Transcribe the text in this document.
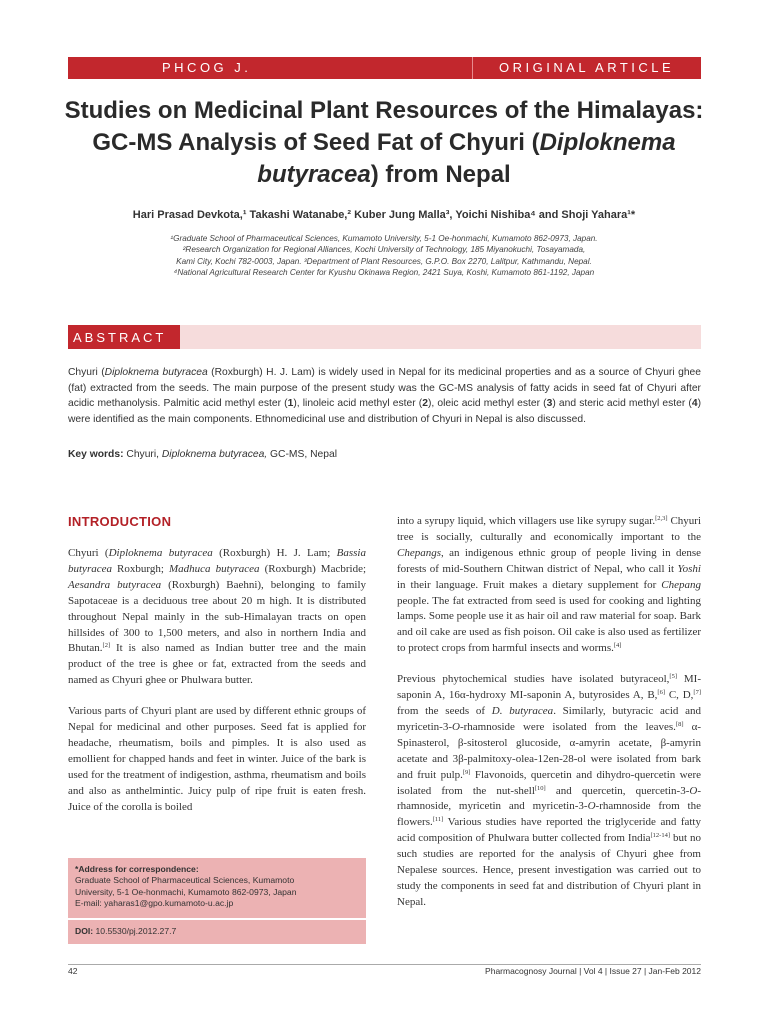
PHCOG J.	ORIGINAL ARTICLE
Studies on Medicinal Plant Resources of the Himalayas:
GC-MS Analysis of Seed Fat of Chyuri (Diploknema butyracea) from Nepal
Hari Prasad Devkota,¹ Takashi Watanabe,² Kuber Jung Malla³, Yoichi Nishiba⁴ and Shoji Yahara¹*
¹Graduate School of Pharmaceutical Sciences, Kumamoto University, 5-1 Oe-honmachi, Kumamoto 862-0973, Japan.
²Research Organization for Regional Alliances, Kochi University of Technology, 185 Miyanokuchi, Tosayamada,
Kami City, Kochi 782-0003, Japan. ³Department of Plant Resources, G.P.O. Box 2270, Lalitpur, Kathmandu, Nepal.
⁴National Agricultural Research Center for Kyushu Okinawa Region, 2421 Suya, Koshi, Kumamoto 861-1192, Japan
ABSTRACT
Chyuri (Diploknema butyracea (Roxburgh) H. J. Lam) is widely used in Nepal for its medicinal properties and as a source of Chyuri ghee (fat) extracted from the seeds. The main purpose of the present study was the GC-MS analysis of fatty acids in seed fat of Chyuri after acidic methanolysis. Palmitic acid methyl ester (1), linoleic acid methyl ester (2), oleic acid methyl ester (3) and steric acid methyl ester (4) were identified as the main components. Ethnomedicinal use and distribution of Chyuri in Nepal is also discussed.
Key words: Chyuri, Diploknema butyracea, GC-MS, Nepal
INTRODUCTION

Chyuri (Diploknema butyracea (Roxburgh) H. J. Lam; Bassia butyracea Roxburgh; Madhuca butyracea (Roxburgh) Macbride; Aesandra butyracea (Roxburgh) Baehni), belonging to family Sapotaceae is a deciduous tree about 20 m high. It is distributed throughout Nepal mainly in the sub-Himalayan tracts on open hillsides of 300 to 1,500 meters, and also in northern India and Bhutan.[2] It is also named as Indian butter tree and the main product of the tree is ghee or fat, extracted from the seeds and named as Chyuri ghee or Phulwara butter.

Various parts of Chyuri plant are used by different ethnic groups of Nepal for medicinal and other purposes. Seed fat is applied for headache, rheumatism, boils and pimples. It is also used as emollient for chapped hands and feet in winter. Juice of the bark is used for the treatment of indigestion, asthma, rheumatism and boils and also as anthelmintic. Juicy pulp of ripe fruit is eaten fresh. Juice of the corolla is boiled

into a syrupy liquid, which villagers use like syrupy sugar.[2,3] Chyuri tree is socially, culturally and economically important to the Chepangs, an indigenous ethnic group of people living in dense forests of mid-Southern Chitwan district of Nepal, who call it Yoshi in their language. Fruit makes a dietary supplement for Chepang people. The fat extracted from seed is used for cooking and lighting lamps. Some people use it as hair oil and raw material for soap. Bark and oil cake are used as fish poison. Oil cake is also used as fertilizer to protect crops from harmful insects and worms.[4]

Previous phytochemical studies have isolated butyraceol,[5] MI-saponin A, 16α-hydroxy MI-saponin A, butyrosides A, B,[6] C, D,[7] from the seeds of D. butyracea. Similarly, butyracic acid and myricetin-3-O-rhamnoside were isolated from the leaves.[8] α-Spinasterol, β-sitosterol glucoside, α-amyrin acetate, β-amyrin acetate and 3β-palmitoxy-olea-12en-28-ol were isolated from bark and fruit pulp.[9] Flavonoids, quercetin and dihydro-quercetin were isolated from the nut-shell[10] and quercetin, quercetin-3-O-rhamnoside, myricetin and myricetin-3-O-rhamnoside from the flowers.[11] Various studies have reported the triglyceride and fatty acid composition of Phulwara butter collected from India[12-14] but no such studies are reported for the analysis of Chyuri ghee from Nepalese sources. Hence, present investigation was carried out to study the components in seed fat and distribution of Chyuri plant in Nepal.

*Address for correspondence:
Graduate School of Pharmaceutical Sciences, Kumamoto
University, 5-1 Oe-honmachi, Kumamoto 862-0973, Japan
E-mail: yaharas1@gpo.kumamoto-u.ac.jp
DOI: 10.5530/pj.2012.27.7
42	Pharmacognosy Journal | Vol 4 | Issue 27 | Jan-Feb 2012
